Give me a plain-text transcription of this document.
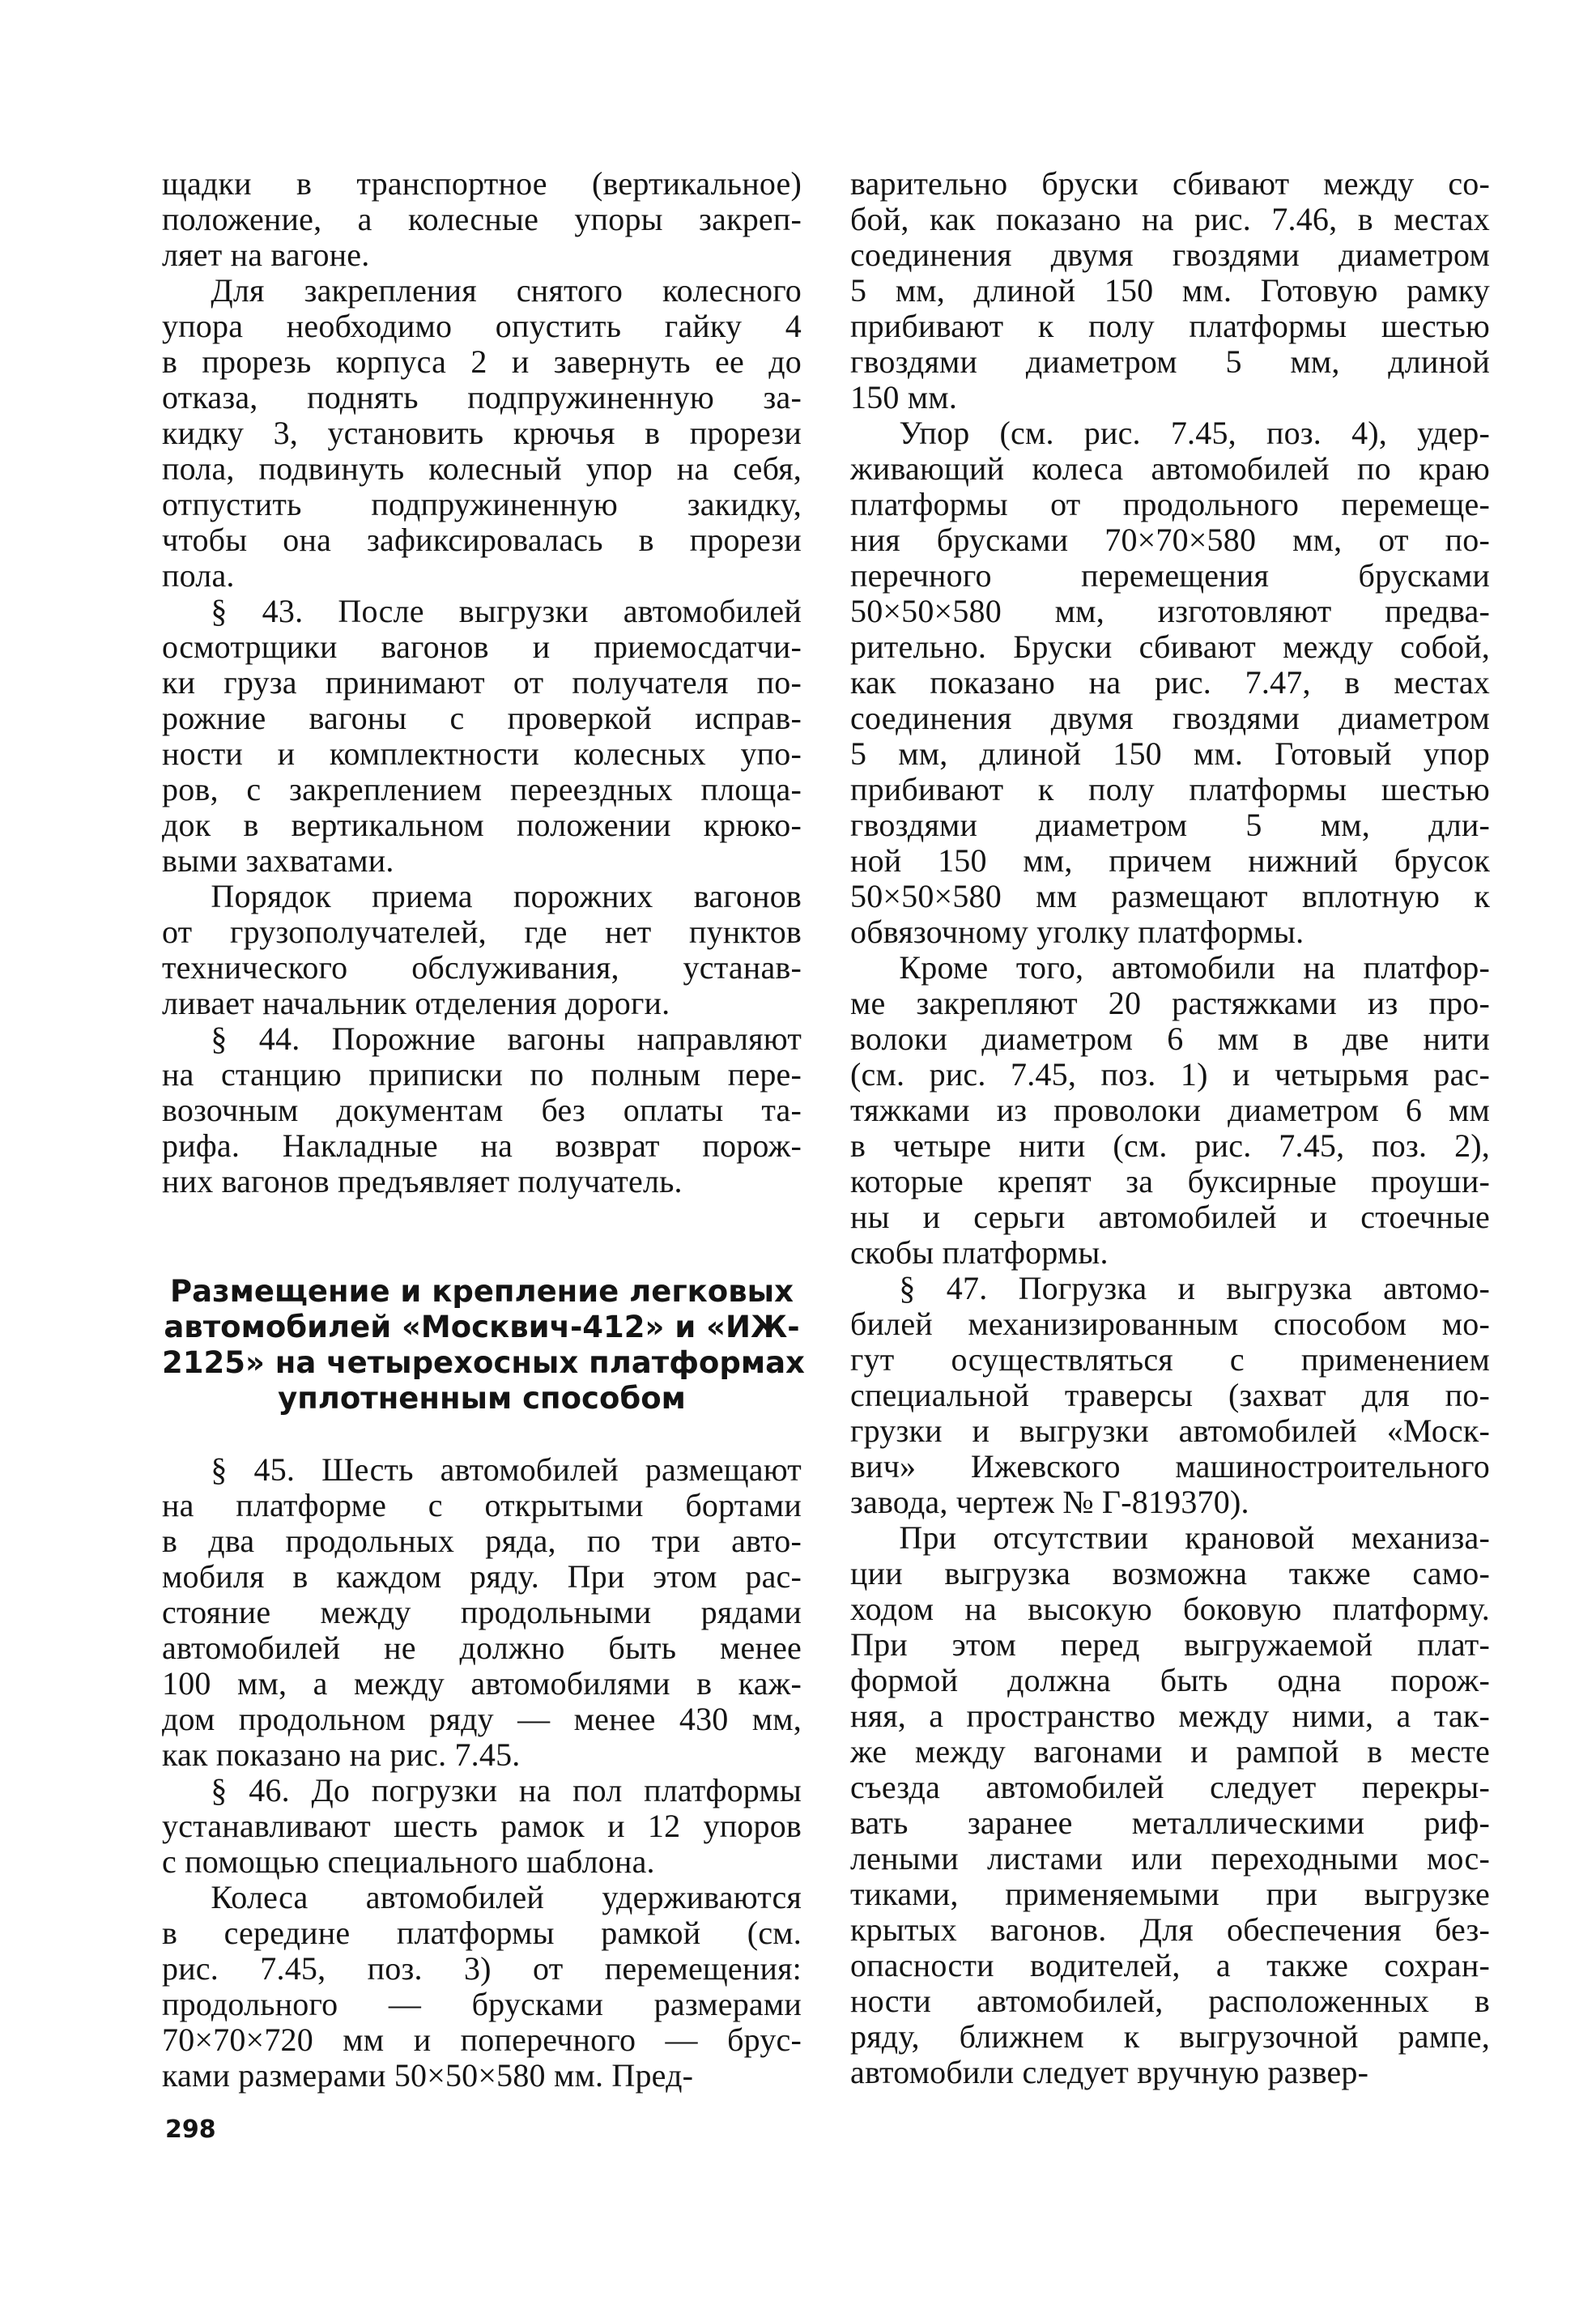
щадки в транспортное (вертикальное)
положение, а колесные упоры закреп-
ляет на вагоне.
  Для закрепления снятого колесного
упора необходимо опустить гайку 4
в прорезь корпуса 2 и завернуть ее до
отказа, поднять подпружиненную за-
кидку 3, установить крючья в прорези
пола, подвинуть колесный упор на себя,
отпустить подпружиненную закидку,
чтобы она зафиксировалась в прорези
пола.
  § 43. После выгрузки автомобилей
осмотрщики вагонов и приемосдатчи-
ки груза принимают от получателя по-
рожние вагоны с проверкой исправ-
ности и комплектности колесных упо-
ров, с закреплением переездных площа-
док в вертикальном положении крюко-
выми захватами.
  Порядок приема порожних вагонов
от грузополучателей, где нет пунктов
технического обслуживания, устанав-
ливает начальник отделения дороги.
  § 44. Порожние вагоны направляют
на станцию приписки по полным пере-
возочным документам без оплаты та-
рифа. Накладные на возврат порож-
них вагонов предъявляет получатель.
Размещение и крепление легковых
автомобилей «Москвич-412» и «ИЖ-
2125» на четырехосных платформах
уплотненным способом
  § 45. Шесть автомобилей размещают
на платформе с открытыми бортами
в два продольных ряда, по три авто-
мобиля в каждом ряду. При этом рас-
стояние между продольными рядами
автомобилей не должно быть менее
100 мм, а между автомобилями в каж-
дом продольном ряду — менее 430 мм,
как показано на рис. 7.45.
  § 46. До погрузки на пол платформы
устанавливают шесть рамок и 12 упоров
с помощью специального шаблона.
  Колеса автомобилей удерживаются
в середине платформы рамкой (см.
рис. 7.45, поз. 3) от перемещения:
продольного — брусками размерами
70×70×720 мм и поперечного — брус-
ками размерами 50×50×580 мм. Пред-
варительно бруски сбивают между со-
бой, как показано на рис. 7.46, в местах
соединения двумя гвоздями диаметром
5 мм, длиной 150 мм. Готовую рамку
прибивают к полу платформы шестью
гвоздями диаметром 5 мм, длиной
150 мм.
  Упор (см. рис. 7.45, поз. 4), удер-
живающий колеса автомобилей по краю
платформы от продольного перемеще-
ния брусками 70×70×580 мм, от по-
перечного перемещения брусками
50×50×580 мм, изготовляют предва-
рительно. Бруски сбивают между собой,
как показано на рис. 7.47, в местах
соединения двумя гвоздями диаметром
5 мм, длиной 150 мм. Готовый упор
прибивают к полу платформы шестью
гвоздями диаметром 5 мм, дли-
ной 150 мм, причем нижний брусок
50×50×580 мм размещают вплотную к
обвязочному уголку платформы.
  Кроме того, автомобили на платфор-
ме закрепляют 20 растяжками из про-
волоки диаметром 6 мм в две нити
(см. рис. 7.45, поз. 1) и четырьмя рас-
тяжками из проволоки диаметром 6 мм
в четыре нити (см. рис. 7.45, поз. 2),
которые крепят за буксирные проуши-
ны и серьги автомобилей и стоечные
скобы платформы.
  § 47. Погрузка и выгрузка автомо-
билей механизированным способом мо-
гут осуществляться с применением
специальной траверсы (захват для по-
грузки и выгрузки автомобилей «Моск-
вич» Ижевского машиностроительного
завода, чертеж № Г-819370).
  При отсутствии крановой механиза-
ции выгрузка возможна также само-
ходом на высокую боковую платформу.
При этом перед выгружаемой плат-
формой должна быть одна порож-
няя, а пространство между ними, а так-
же между вагонами и рампой в месте
съезда автомобилей следует перекры-
вать заранее металлическими риф-
леными листами или переходными мос-
тиками, применяемыми при выгрузке
крытых вагонов. Для обеспечения без-
опасности водителей, а также сохран-
ности автомобилей, расположенных в
ряду, ближнем к выгрузочной рампе,
автомобили следует вручную развер-
298
